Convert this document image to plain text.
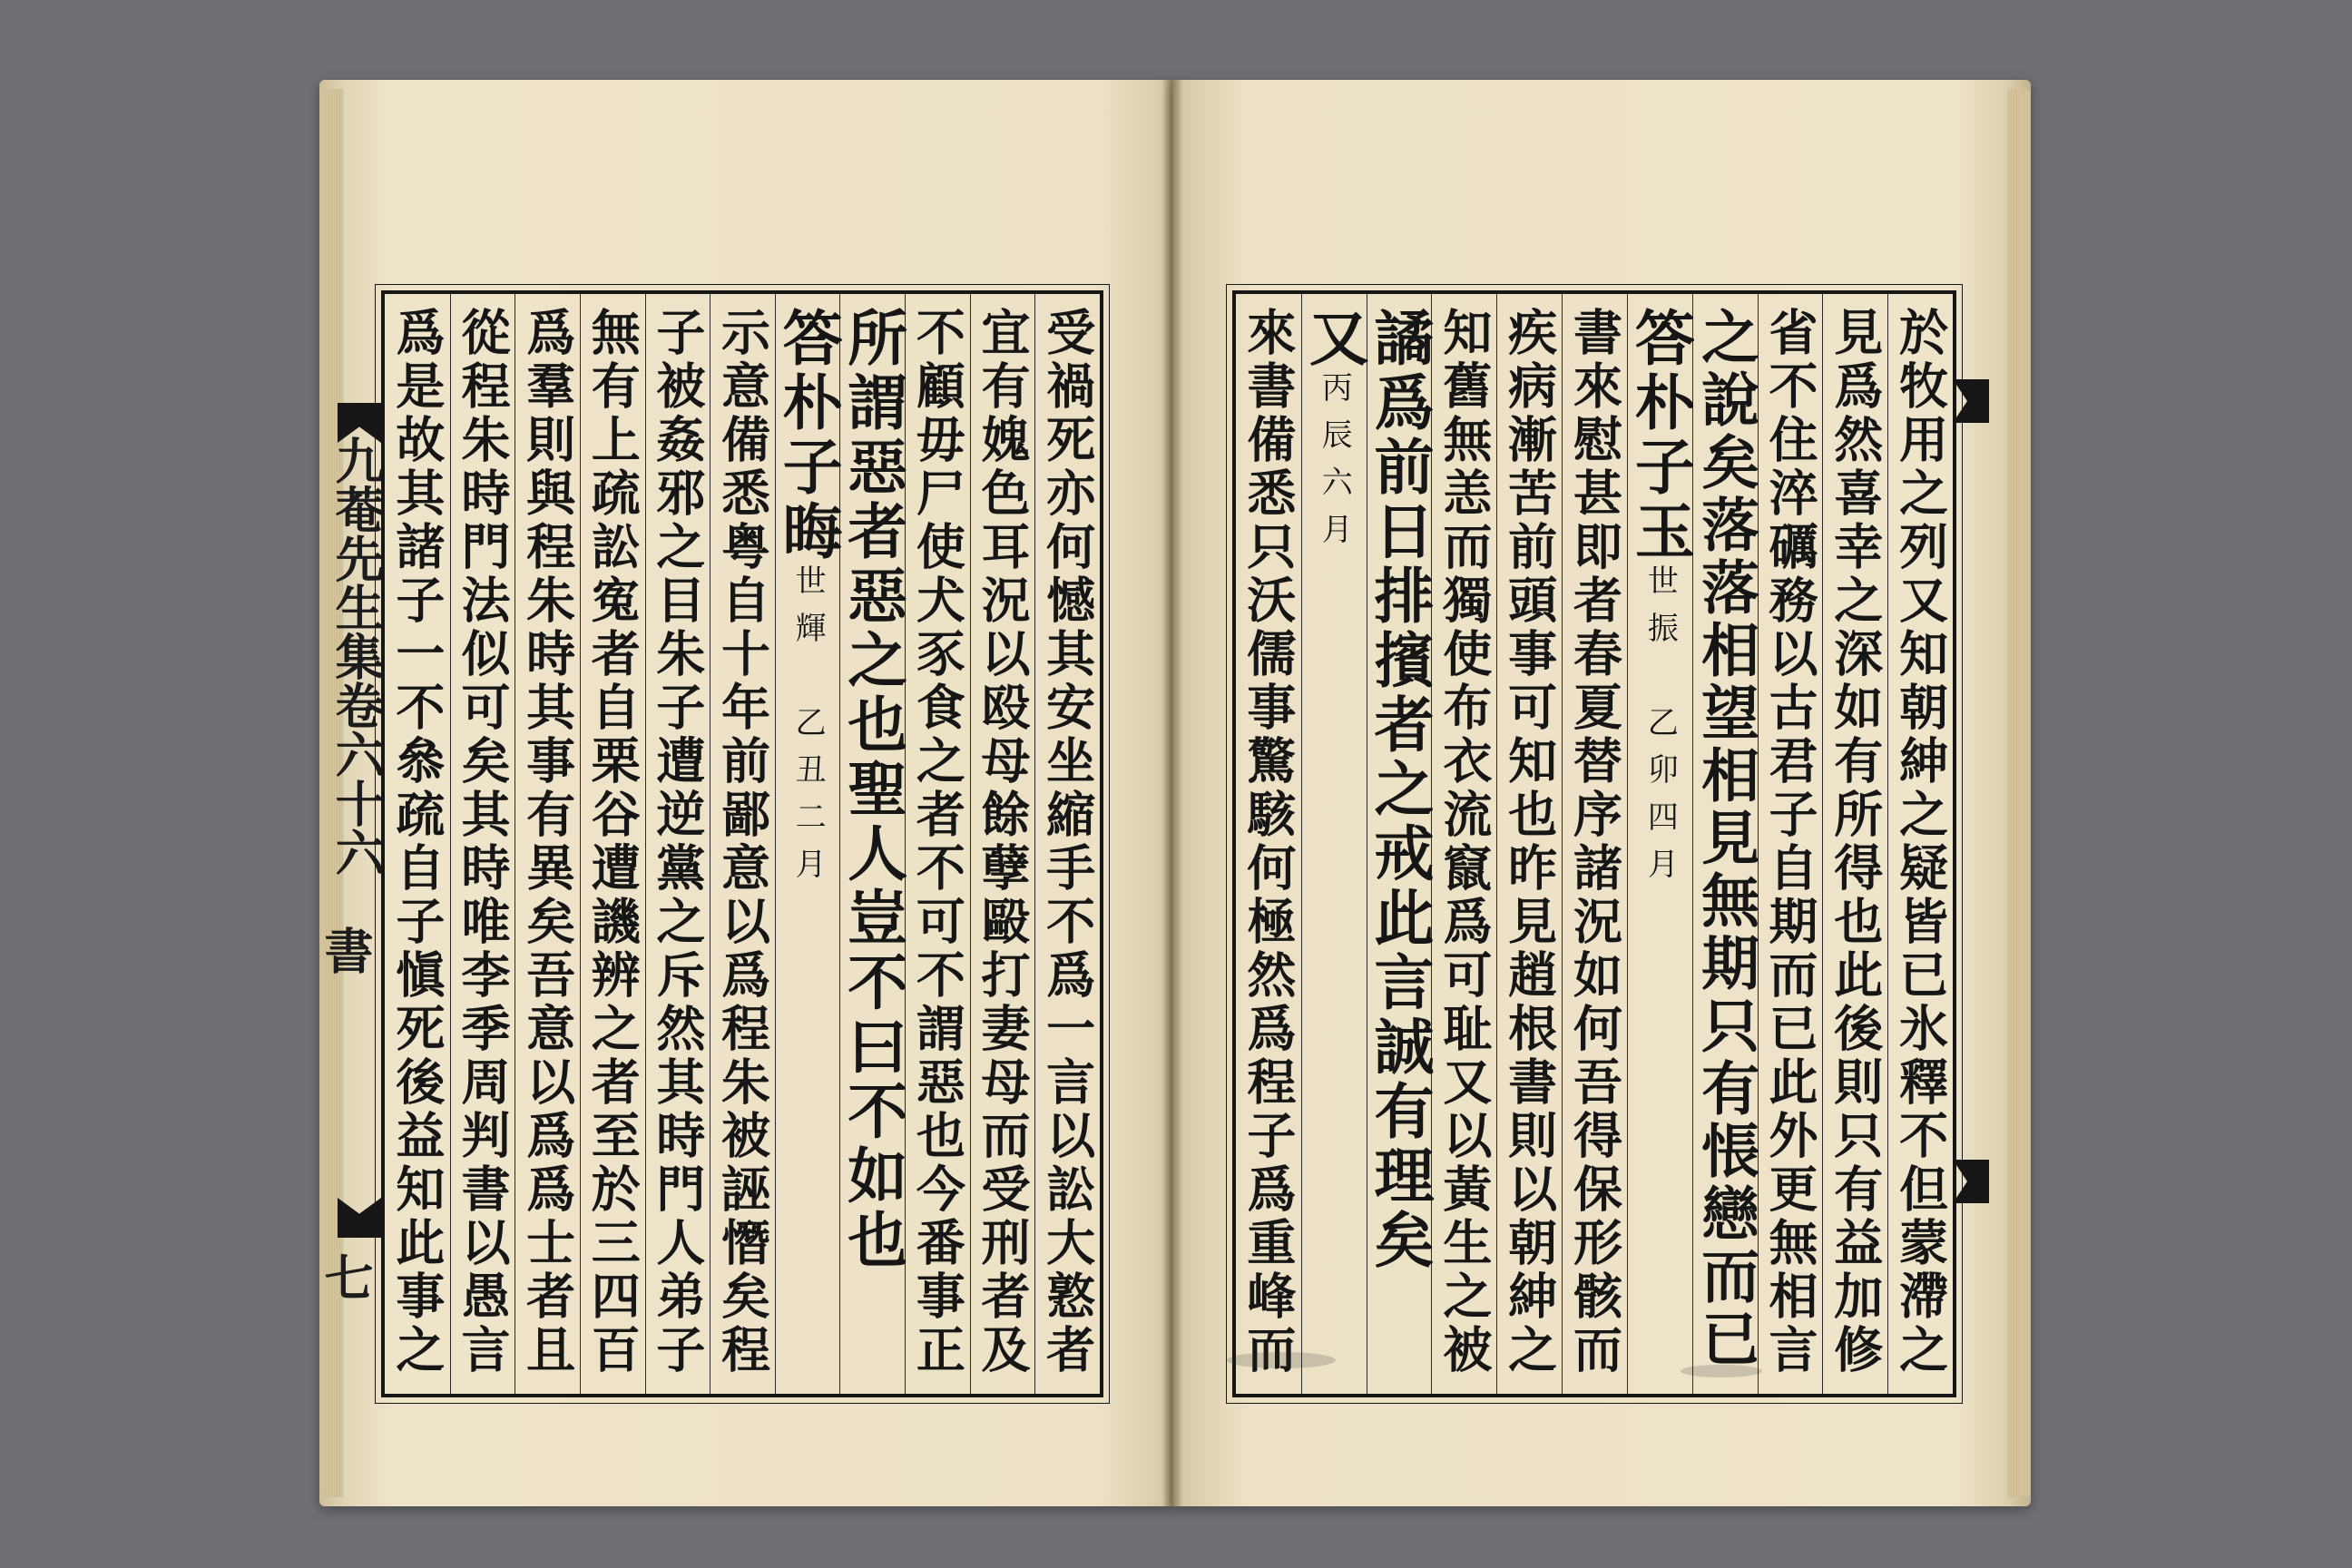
九菴先生集卷六十六
書
七	受禍死亦何憾其安坐縮手不爲一言以訟大憝者
宜有媿色耳況以殴母餘孽毆打妻母而受刑者及
不顧毋尸使犬豕食之者不可不謂惡也今番事正
所謂惡者惡之也聖人豈不曰不如也
答朴子晦世輝　乙丑二月
示意備悉粤自十年前鄙意以爲程朱被誣憯矣程
子被姦邪之目朱子遭逆黨之斥然其時門人弟子
無有上疏訟寃者自栗谷遭譏辨之者至於三四百
爲羣則與程朱時其事有異矣吾意以爲爲士者且
從程朱時門法似可矣其時唯李季周判書以愚言
爲是故其諸子一不叅疏自子愼死後益知此事之	於牧用之列又知朝紳之疑皆已氷釋不但蒙滯之
見爲然喜幸之深如有所得也此後則只有益加修
省不住淬礪務以古君子自期而已此外更無相言
之說矣落落相望相見無期只有悵戀而已
答朴子玉世振　乙卯四月
書來慰甚即者春夏替序諸況如何吾得保形骸而
疾病漸苦前頭事可知也昨見趙根書則以朝紳之
知舊無恙而獨使布衣流竄爲可耻又以黃生之被
譎爲前日排擯者之戒此言誠有理矣
又丙辰六月
來書備悉只沃儒事驚駭何極然爲程子爲重峰而
